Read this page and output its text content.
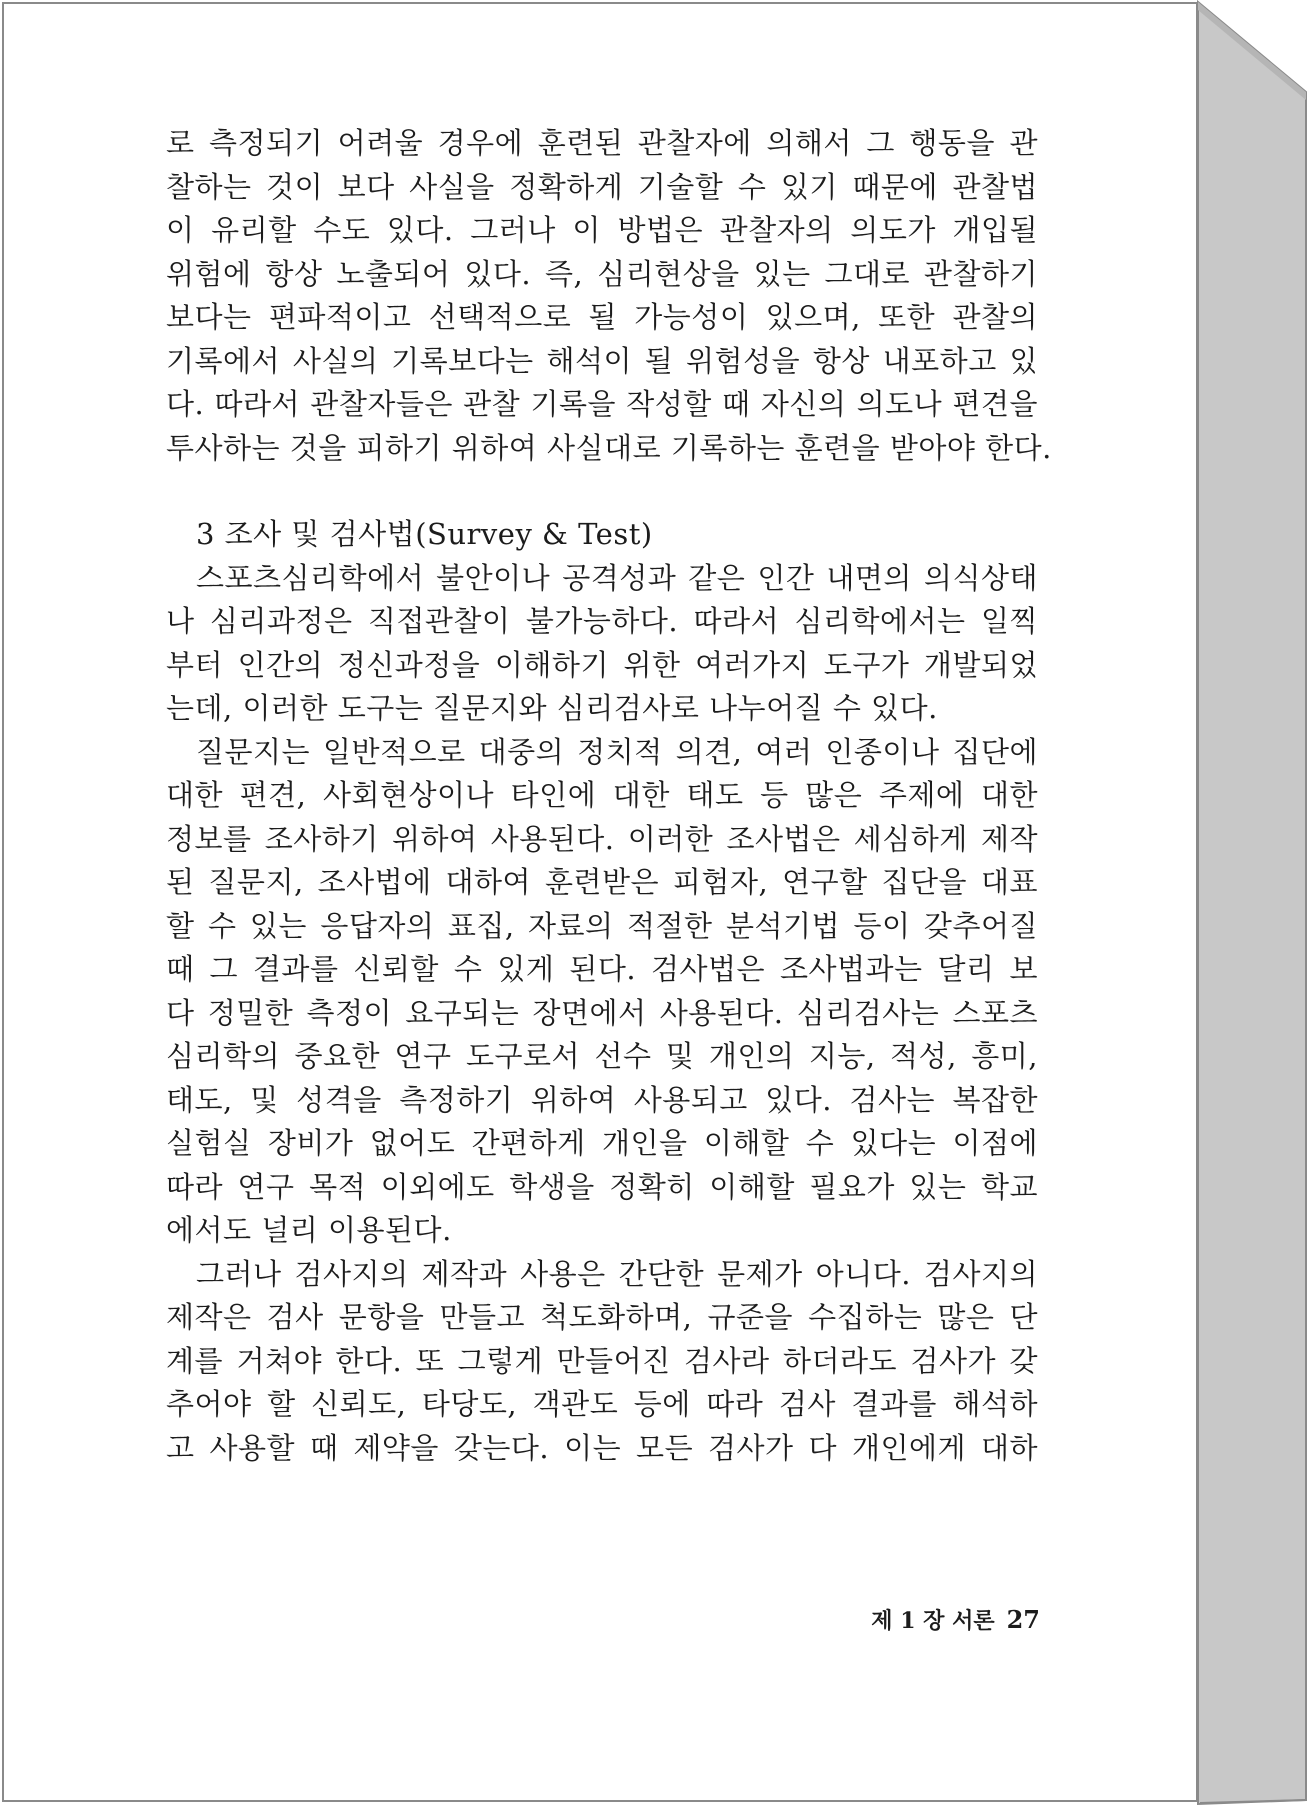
로 측정되기 어려울 경우에 훈련된 관찰자에 의해서 그 행동을 관
찰하는 것이 보다 사실을 정확하게 기술할 수 있기 때문에 관찰법
이 유리할 수도 있다. 그러나 이 방법은 관찰자의 의도가 개입될
위험에 항상 노출되어 있다. 즉, 심리현상을 있는 그대로 관찰하기
보다는 편파적이고 선택적으로 될 가능성이 있으며, 또한 관찰의
기록에서 사실의 기록보다는 해석이 될 위험성을 항상 내포하고 있
다. 따라서 관찰자들은 관찰 기록을 작성할 때 자신의 의도나 편견을
투사하는 것을 피하기 위하여 사실대로 기록하는 훈련을 받아야 한다.
3 조사 및 검사법(Survey & Test)
스포츠심리학에서 불안이나 공격성과 같은 인간 내면의 의식상태
나 심리과정은 직접관찰이 불가능하다. 따라서 심리학에서는 일찍
부터 인간의 정신과정을 이해하기 위한 여러가지 도구가 개발되었
는데, 이러한 도구는 질문지와 심리검사로 나누어질 수 있다.
질문지는 일반적으로 대중의 정치적 의견, 여러 인종이나 집단에
대한 편견, 사회현상이나 타인에 대한 태도 등 많은 주제에 대한
정보를 조사하기 위하여 사용된다. 이러한 조사법은 세심하게 제작
된 질문지, 조사법에 대하여 훈련받은 피험자, 연구할 집단을 대표
할 수 있는 응답자의 표집, 자료의 적절한 분석기법 등이 갖추어질
때 그 결과를 신뢰할 수 있게 된다. 검사법은 조사법과는 달리 보
다 정밀한 측정이 요구되는 장면에서 사용된다. 심리검사는 스포츠
심리학의 중요한 연구 도구로서 선수 및 개인의 지능, 적성, 흥미,
태도, 및 성격을 측정하기 위하여 사용되고 있다. 검사는 복잡한
실험실 장비가 없어도 간편하게 개인을 이해할 수 있다는 이점에
따라 연구 목적 이외에도 학생을 정확히 이해할 필요가 있는 학교
에서도 널리 이용된다.
그러나 검사지의 제작과 사용은 간단한 문제가 아니다. 검사지의
제작은 검사 문항을 만들고 척도화하며, 규준을 수집하는 많은 단
계를 거쳐야 한다. 또 그렇게 만들어진 검사라 하더라도 검사가 갖
추어야 할 신뢰도, 타당도, 객관도 등에 따라 검사 결과를 해석하
고 사용할 때 제약을 갖는다. 이는 모든 검사가 다 개인에게 대하
제 1 장 서론 27
